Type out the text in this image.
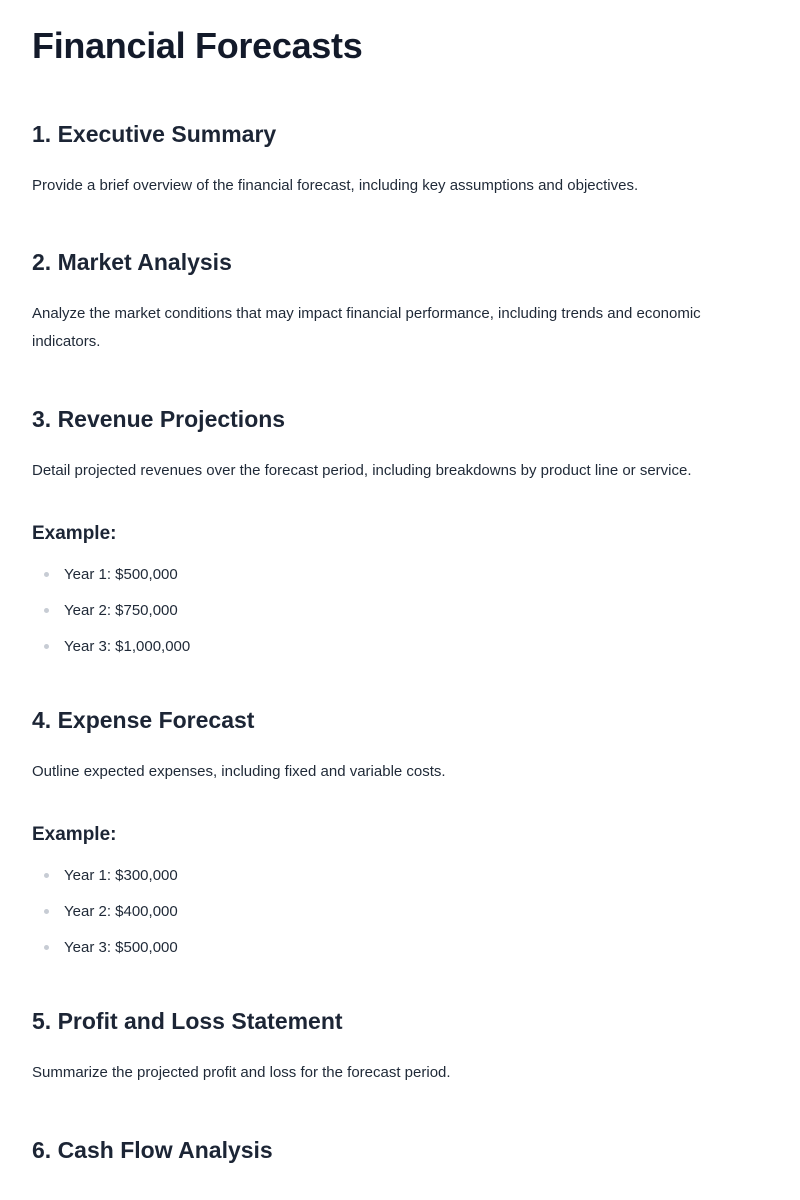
Financial Forecasts
1. Executive Summary

Provide a brief overview of the financial forecast, including key assumptions and objectives.

2. Market Analysis

Analyze the market conditions that may impact financial performance, including trends and economic indicators.

3. Revenue Projections

Detail projected revenues over the forecast period, including breakdowns by product line or service.

Example:
Year 1: $500,000
Year 2: $750,000
Year 3: $1,000,000
4. Expense Forecast

Outline expected expenses, including fixed and variable costs.

Example:
Year 1: $300,000
Year 2: $400,000
Year 3: $500,000
5. Profit and Loss Statement

Summarize the projected profit and loss for the forecast period.

6. Cash Flow Analysis
